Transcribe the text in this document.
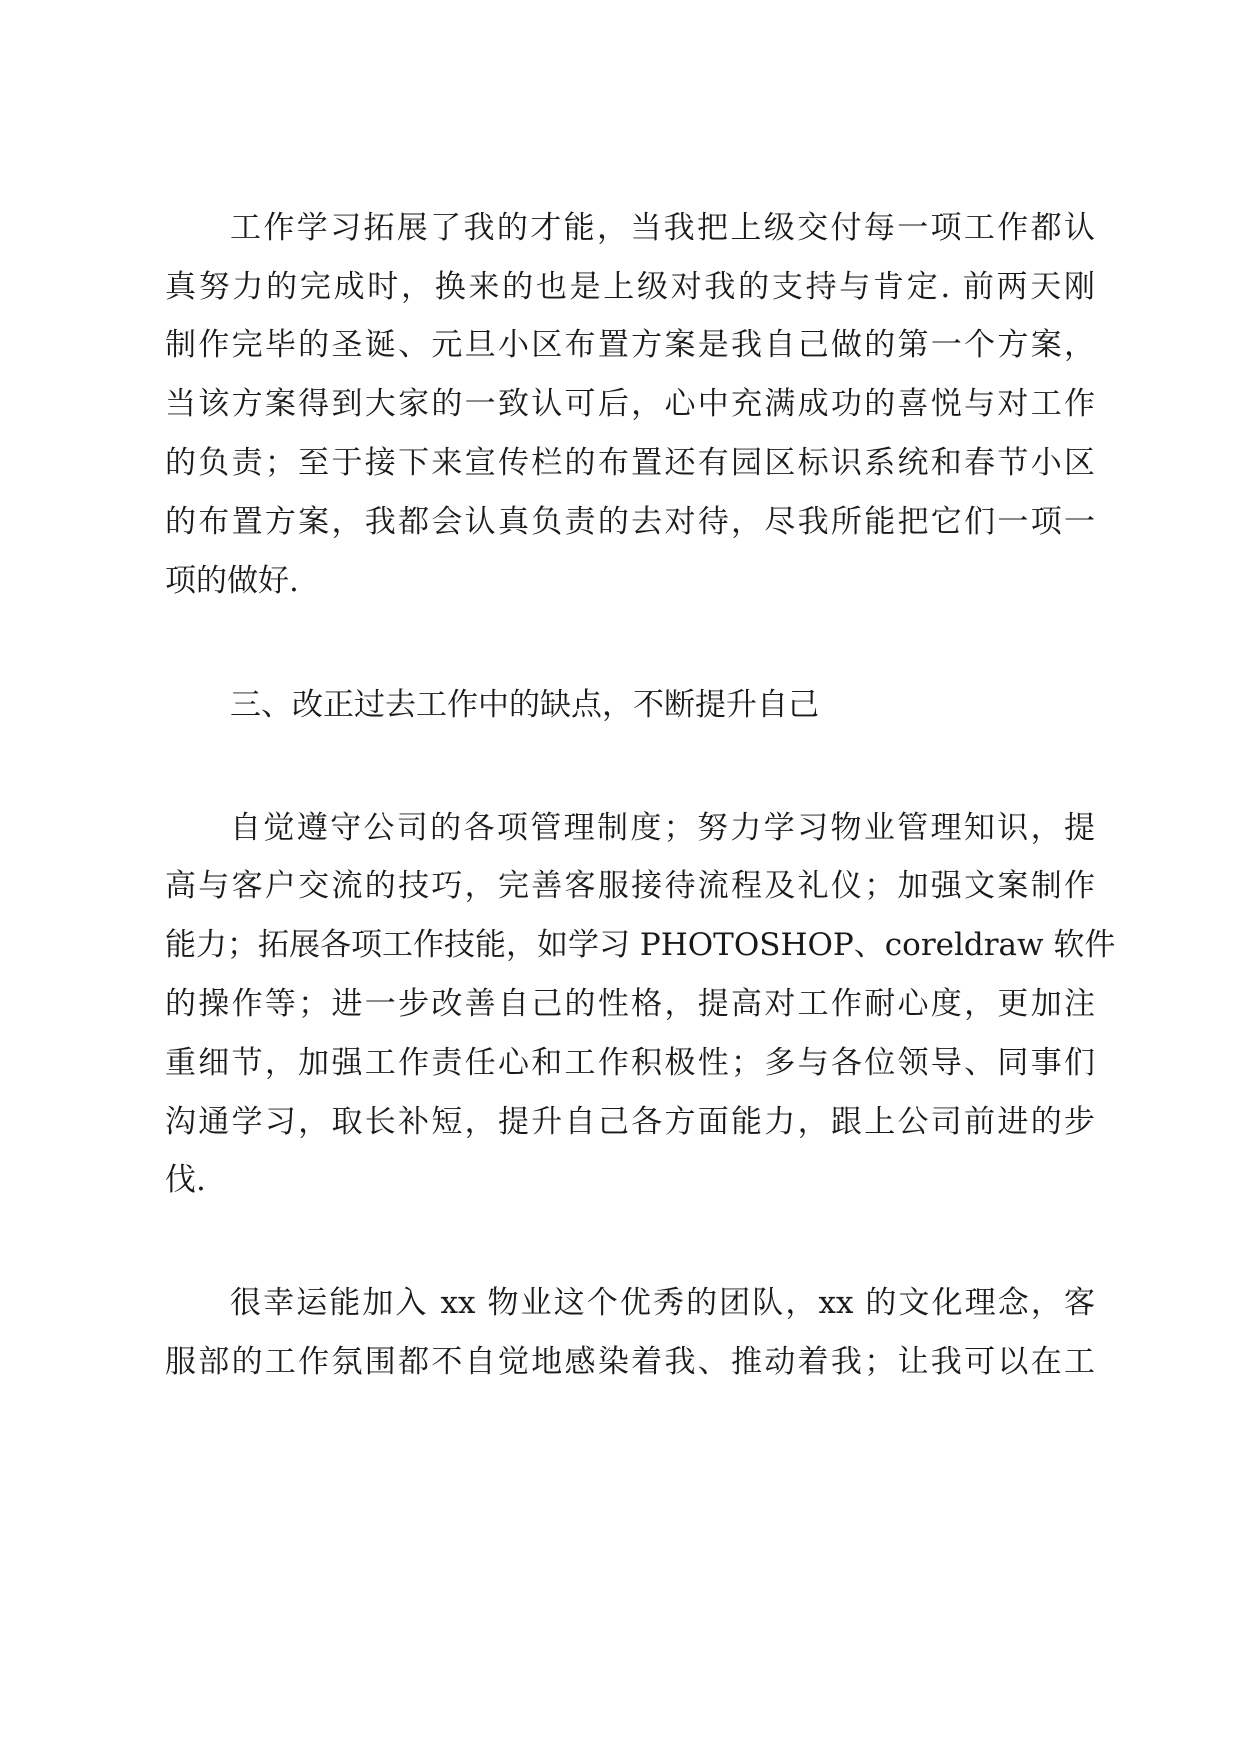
工作学习拓展了我的才能，当我把上级交付每一项工作都认

真努力的完成时，换来的也是上级对我的支持与肯定. 前两天刚

制作完毕的圣诞、元旦小区布置方案是我自己做的第一个方案，

当该方案得到大家的一致认可后，心中充满成功的喜悦与对工作

的负责；至于接下来宣传栏的布置还有园区标识系统和春节小区

的布置方案，我都会认真负责的去对待，尽我所能把它们一项一

项的做好.

三、改正过去工作中的缺点，不断提升自己

自觉遵守公司的各项管理制度；努力学习物业管理知识，提

高与客户交流的技巧，完善客服接待流程及礼仪；加强文案制作

能力；拓展各项工作技能，如学习 PHOTOSHOP、coreldraw 软件

的操作等；进一步改善自己的性格，提高对工作耐心度，更加注

重细节，加强工作责任心和工作积极性；多与各位领导、同事们

沟通学习，取长补短，提升自己各方面能力，跟上公司前进的步

伐.

很幸运能加入 xx 物业这个优秀的团队，xx 的文化理念，客

服部的工作氛围都不自觉地感染着我、推动着我；让我可以在工
